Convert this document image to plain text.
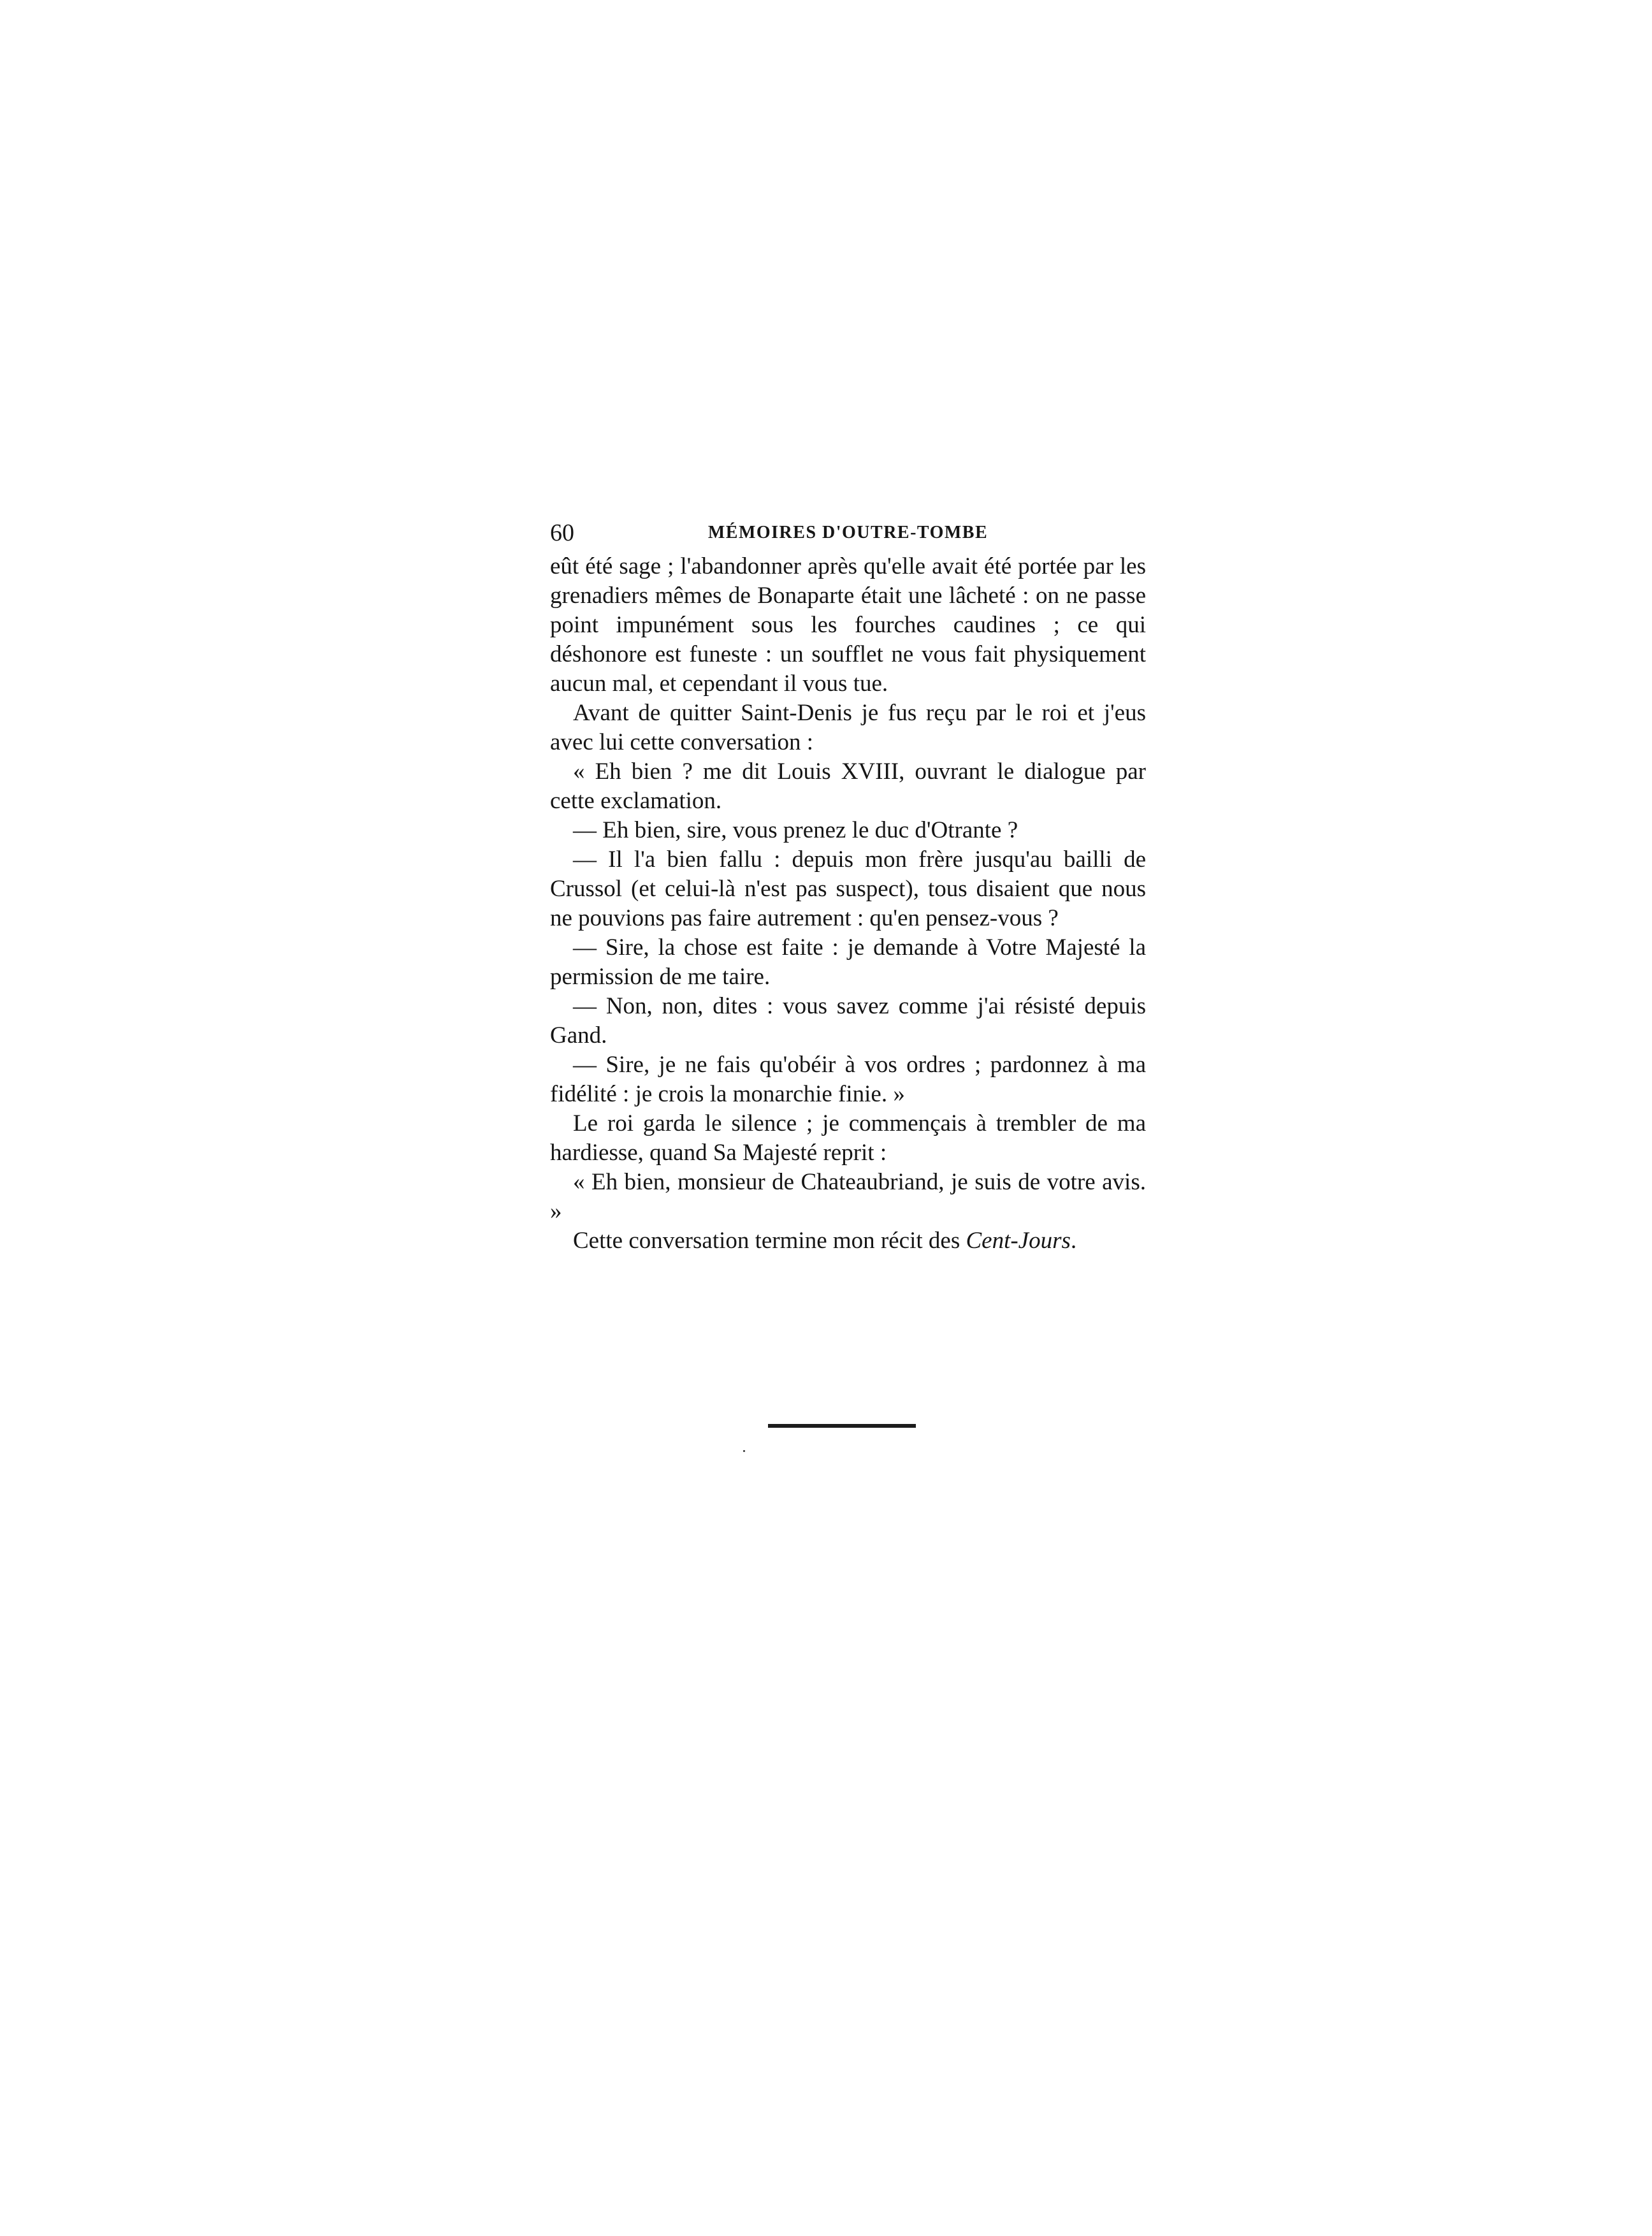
60	MÉMOIRES D'OUTRE-TOMBE

eût été sage ; l'abandonner après qu'elle avait été portée par les grenadiers mêmes de Bonaparte était une lâcheté : on ne passe point impunément sous les fourches caudines ; ce qui déshonore est funeste : un soufflet ne vous fait physiquement aucun mal, et cependant il vous tue.

Avant de quitter Saint-Denis je fus reçu par le roi et j'eus avec lui cette conversation :

« Eh bien ? me dit Louis XVIII, ouvrant le dialogue par cette exclamation.

— Eh bien, sire, vous prenez le duc d'Otrante ?

— Il l'a bien fallu : depuis mon frère jusqu'au bailli de Crussol (et celui-là n'est pas suspect), tous disaient que nous ne pouvions pas faire autrement : qu'en pensez-vous ?

— Sire, la chose est faite : je demande à Votre Majesté la permission de me taire.

— Non, non, dites : vous savez comme j'ai résisté depuis Gand.

— Sire, je ne fais qu'obéir à vos ordres ; pardonnez à ma fidélité : je crois la monarchie finie. »

Le roi garda le silence ; je commençais à trembler de ma hardiesse, quand Sa Majesté reprit :

« Eh bien, monsieur de Chateaubriand, je suis de votre avis. »

Cette conversation termine mon récit des Cent-Jours.
